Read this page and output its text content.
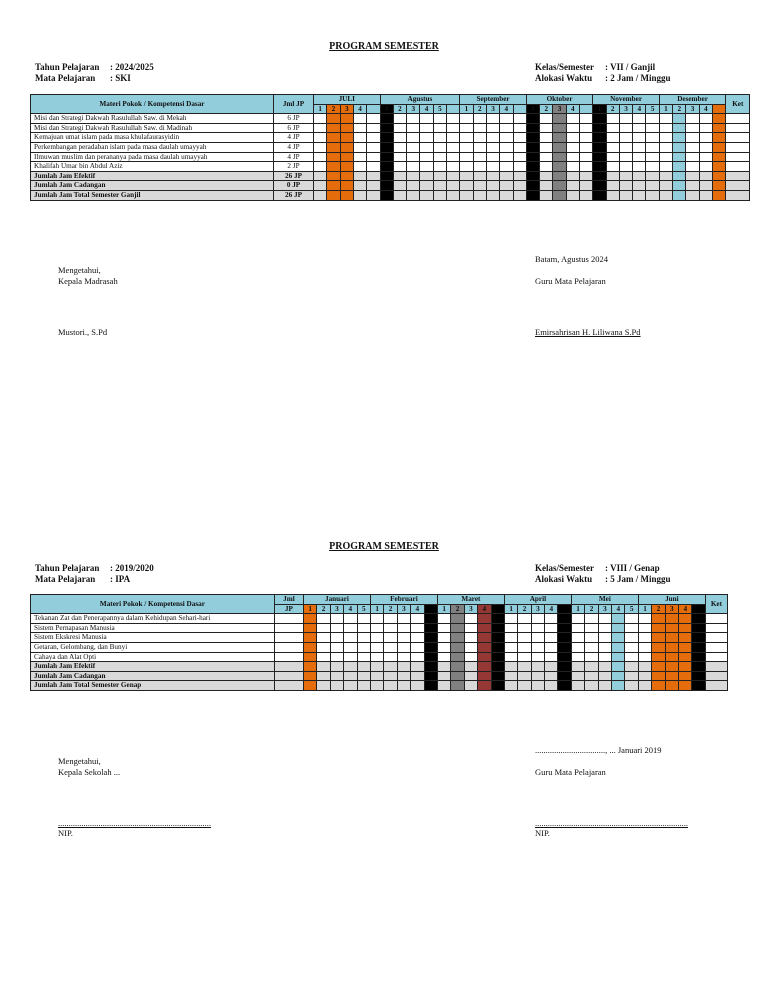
PROGRAM SEMESTER
Tahun Pelajaran : 2024/2025
Mata Pelajaran : SKI
Kelas/Semester : VII / Ganjil
Alokasi Waktu : 2 Jam / Minggu
Materi Pokok / Kompetensi Dasar	Jml JP	JULI					Agustus						September					Oktober					November					Desember					Ket
		1	2	3	4		1	2	3	4	5		1	2	3	4		1	2	3	4		1	2	3	4	5	1	2	3	4		
Misi dan Strategi Dakwah Rasulullah Saw. di Mekah	6 JP																																
Misi dan Strategi Dakwah Rasulullah Saw. di Madinah	6 JP																																
Kemajuan umat islam pada masa khulafaurasyidin	4 JP																																
Perkembangan peradaban islam pada masa daulah umayyah	4 JP																																
Ilmuwan muslim dan perananya pada masa daulah umayyah	4 JP																																
Khalifah Umar bin Abdul Aziz	2 JP																																
Jumlah Jam Efektif	26 JP																																
Jumlah Jam Cadangan	0 JP																																
Jumlah Jam Total Semester Ganjil	26 JP																																
Batam, Agustus 2024
Mengetahui,
Kepala Madrasah	Guru Mata Pelajaran
Mustori., S.Pd	Emirsahrisan H. Liliwana S.Pd
PROGRAM SEMESTER
Tahun Pelajaran : 2019/2020
Mata Pelajaran : IPA
Kelas/Semester : VIII / Genap
Alokasi Waktu : 5 Jam / Minggu
Materi Pokok / Kompetensi Dasar	Jml	Januari					Februari					Maret					April					Mei					Juni					Ket
	JP	1	2	3	4	5	1	2	3	4		1	2	3	4		1	2	3	4		1	2	3	4	5	1	2	3	4		
Tekanan Zat dan Penerapannya dalam Kehidupan Sehari-hari																																
Sistem Pernapasan Manusia																																
Sistem Ekskresi Manusia																																
Getaran, Gelombang, dan Bunyi																																
Cahaya dan Alat Opti																																
Jumlah Jam Efektif																																
Jumlah Jam Cadangan																																
Jumlah Jam Total Semester Genap																																
................................., ... Januari 2019
Mengetahui,
Kepala Sekolah ...	Guru Mata Pelajaran
........................................................................	........................................................................
NIP.	NIP.
